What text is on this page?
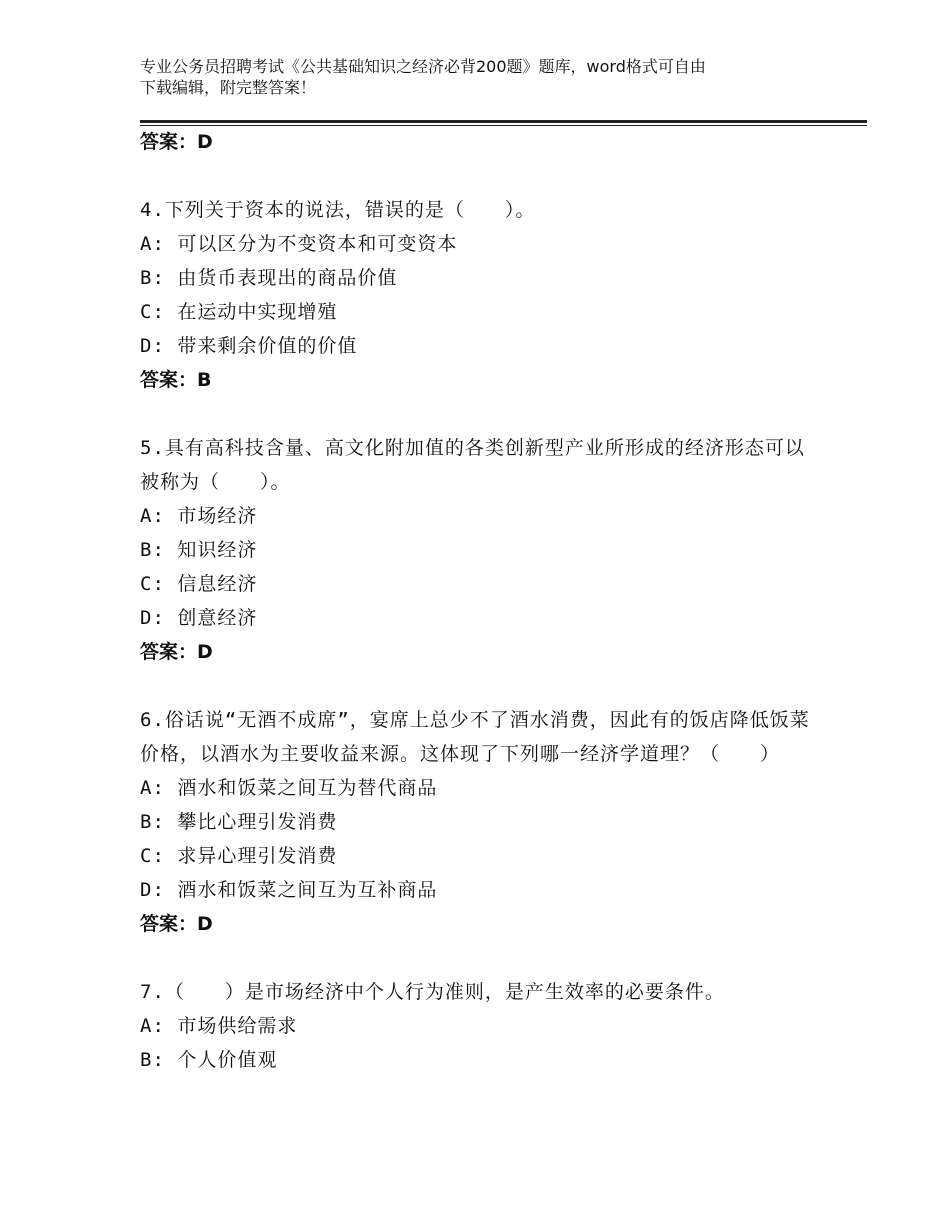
专业公务员招聘考试《公共基础知识之经济必背200题》题库，word格式可自由
下载编辑，附完整答案！
答案：D
4.下列关于资本的说法，错误的是（　　）。
A: 可以区分为不变资本和可变资本
B: 由货币表现出的商品价值
C: 在运动中实现增殖
D: 带来剩余价值的价值
答案：B
5.具有高科技含量、高文化附加值的各类创新型产业所形成的经济形态可以被称为（　　）。
A: 市场经济
B: 知识经济
C: 信息经济
D: 创意经济
答案：D
6.俗话说“无酒不成席”，宴席上总少不了酒水消费，因此有的饭店降低饭菜价格，以酒水为主要收益来源。这体现了下列哪一经济学道理？（　　）
A: 酒水和饭菜之间互为替代商品
B: 攀比心理引发消费
C: 求异心理引发消费
D: 酒水和饭菜之间互为互补商品
答案：D
7.（　　）是市场经济中个人行为准则，是产生效率的必要条件。
A: 市场供给需求
B: 个人价值观
